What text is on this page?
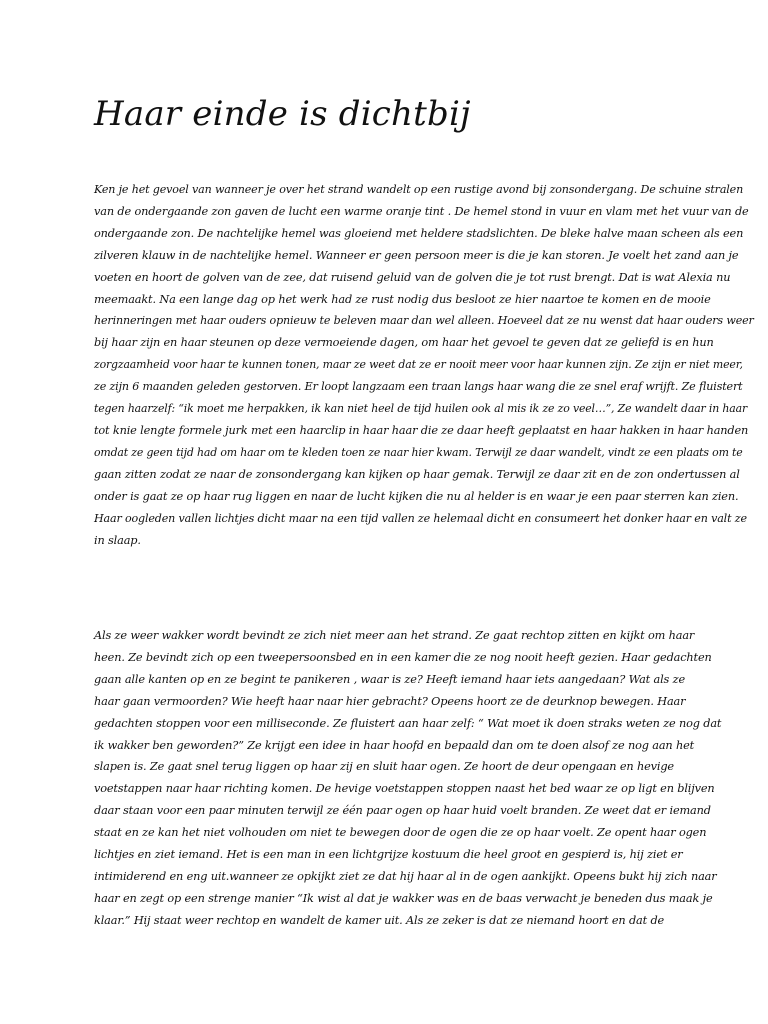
Haar einde is dichtbij
Ken je het gevoel van wanneer je over het strand wandelt op een rustige avond bij zonsondergang. De schuine stralen
van de ondergaande zon gaven de lucht een warme oranje tint . De hemel stond in vuur en vlam met het vuur van de
ondergaande zon. De nachtelijke hemel was gloeiend met heldere stadslichten. De bleke halve maan scheen als een
zilveren klauw in de nachtelijke hemel. Wanneer er geen persoon meer is die je kan storen. Je voelt het zand aan je
voeten en hoort de golven van de zee, dat ruisend geluid van de golven die je tot rust brengt. Dat is wat Alexia nu
meemaakt. Na een lange dag op het werk had ze rust nodig dus besloot ze hier naartoe te komen en de mooie
herinneringen met haar ouders opnieuw te beleven maar dan wel alleen. Hoeveel dat ze nu wenst dat haar ouders weer
bij haar zijn en haar steunen op deze vermoeiende dagen, om haar het gevoel te geven dat ze geliefd is en hun
zorgzaamheid voor haar te kunnen tonen, maar ze weet dat ze er nooit meer voor haar kunnen zijn. Ze zijn er niet meer,
ze zijn 6 maanden geleden gestorven. Er loopt langzaam een traan langs haar wang die ze snel eraf wrijft. Ze fluistert
tegen haarzelf: “ik moet me herpakken, ik kan niet heel de tijd huilen ook al mis ik ze zo veel…”, Ze wandelt daar in haar
tot knie lengte formele jurk met een haarclip in haar haar die ze daar heeft geplaatst en haar hakken in haar handen
omdat ze geen tijd had om haar om te kleden toen ze naar hier kwam. Terwijl ze daar wandelt, vindt ze een plaats om te
gaan zitten zodat ze naar de zonsondergang kan kijken op haar gemak. Terwijl ze daar zit en de zon ondertussen al
onder is gaat ze op haar rug liggen en naar de lucht kijken die nu al helder is en waar je een paar sterren kan zien.
Haar oogleden vallen lichtjes dicht maar na een tijd vallen ze helemaal dicht en consumeert het donker haar en valt ze
in slaap.
Als ze weer wakker wordt bevindt ze zich niet meer aan het strand. Ze gaat rechtop zitten en kijkt om haar
heen. Ze bevindt zich op een tweepersoonsbed en in een kamer die ze nog nooit heeft gezien. Haar gedachten
gaan alle kanten op en ze begint te panikeren , waar is ze? Heeft iemand haar iets aangedaan? Wat als ze
haar gaan vermoorden? Wie heeft haar naar hier gebracht? Opeens hoort ze de deurknop bewegen. Haar
gedachten stoppen voor een milliseconde. Ze fluistert aan haar zelf: “ Wat moet ik doen straks weten ze nog dat
ik wakker ben geworden?” Ze krijgt een idee in haar hoofd en bepaald dan om te doen alsof ze nog aan het
slapen is. Ze gaat snel terug liggen op haar zij en sluit haar ogen. Ze hoort de deur opengaan en hevige
voetstappen naar haar richting komen. De hevige voetstappen stoppen naast het bed waar ze op ligt en blijven
daar staan voor een paar minuten terwijl ze één paar ogen op haar huid voelt branden. Ze weet dat er iemand
staat en ze kan het niet volhouden om niet te bewegen door de ogen die ze op haar voelt. Ze opent haar ogen
lichtjes en ziet iemand. Het is een man in een lichtgrijze kostuum die heel groot en gespierd is, hij ziet er
intimiderend en eng uit.wanneer ze opkijkt ziet ze dat hij haar al in de ogen aankijkt. Opeens bukt hij zich naar
haar en zegt op een strenge manier “Ik wist al dat je wakker was en de baas verwacht je beneden dus maak je
klaar.” Hij staat weer rechtop en wandelt de kamer uit. Als ze zeker is dat ze niemand hoort en dat de
